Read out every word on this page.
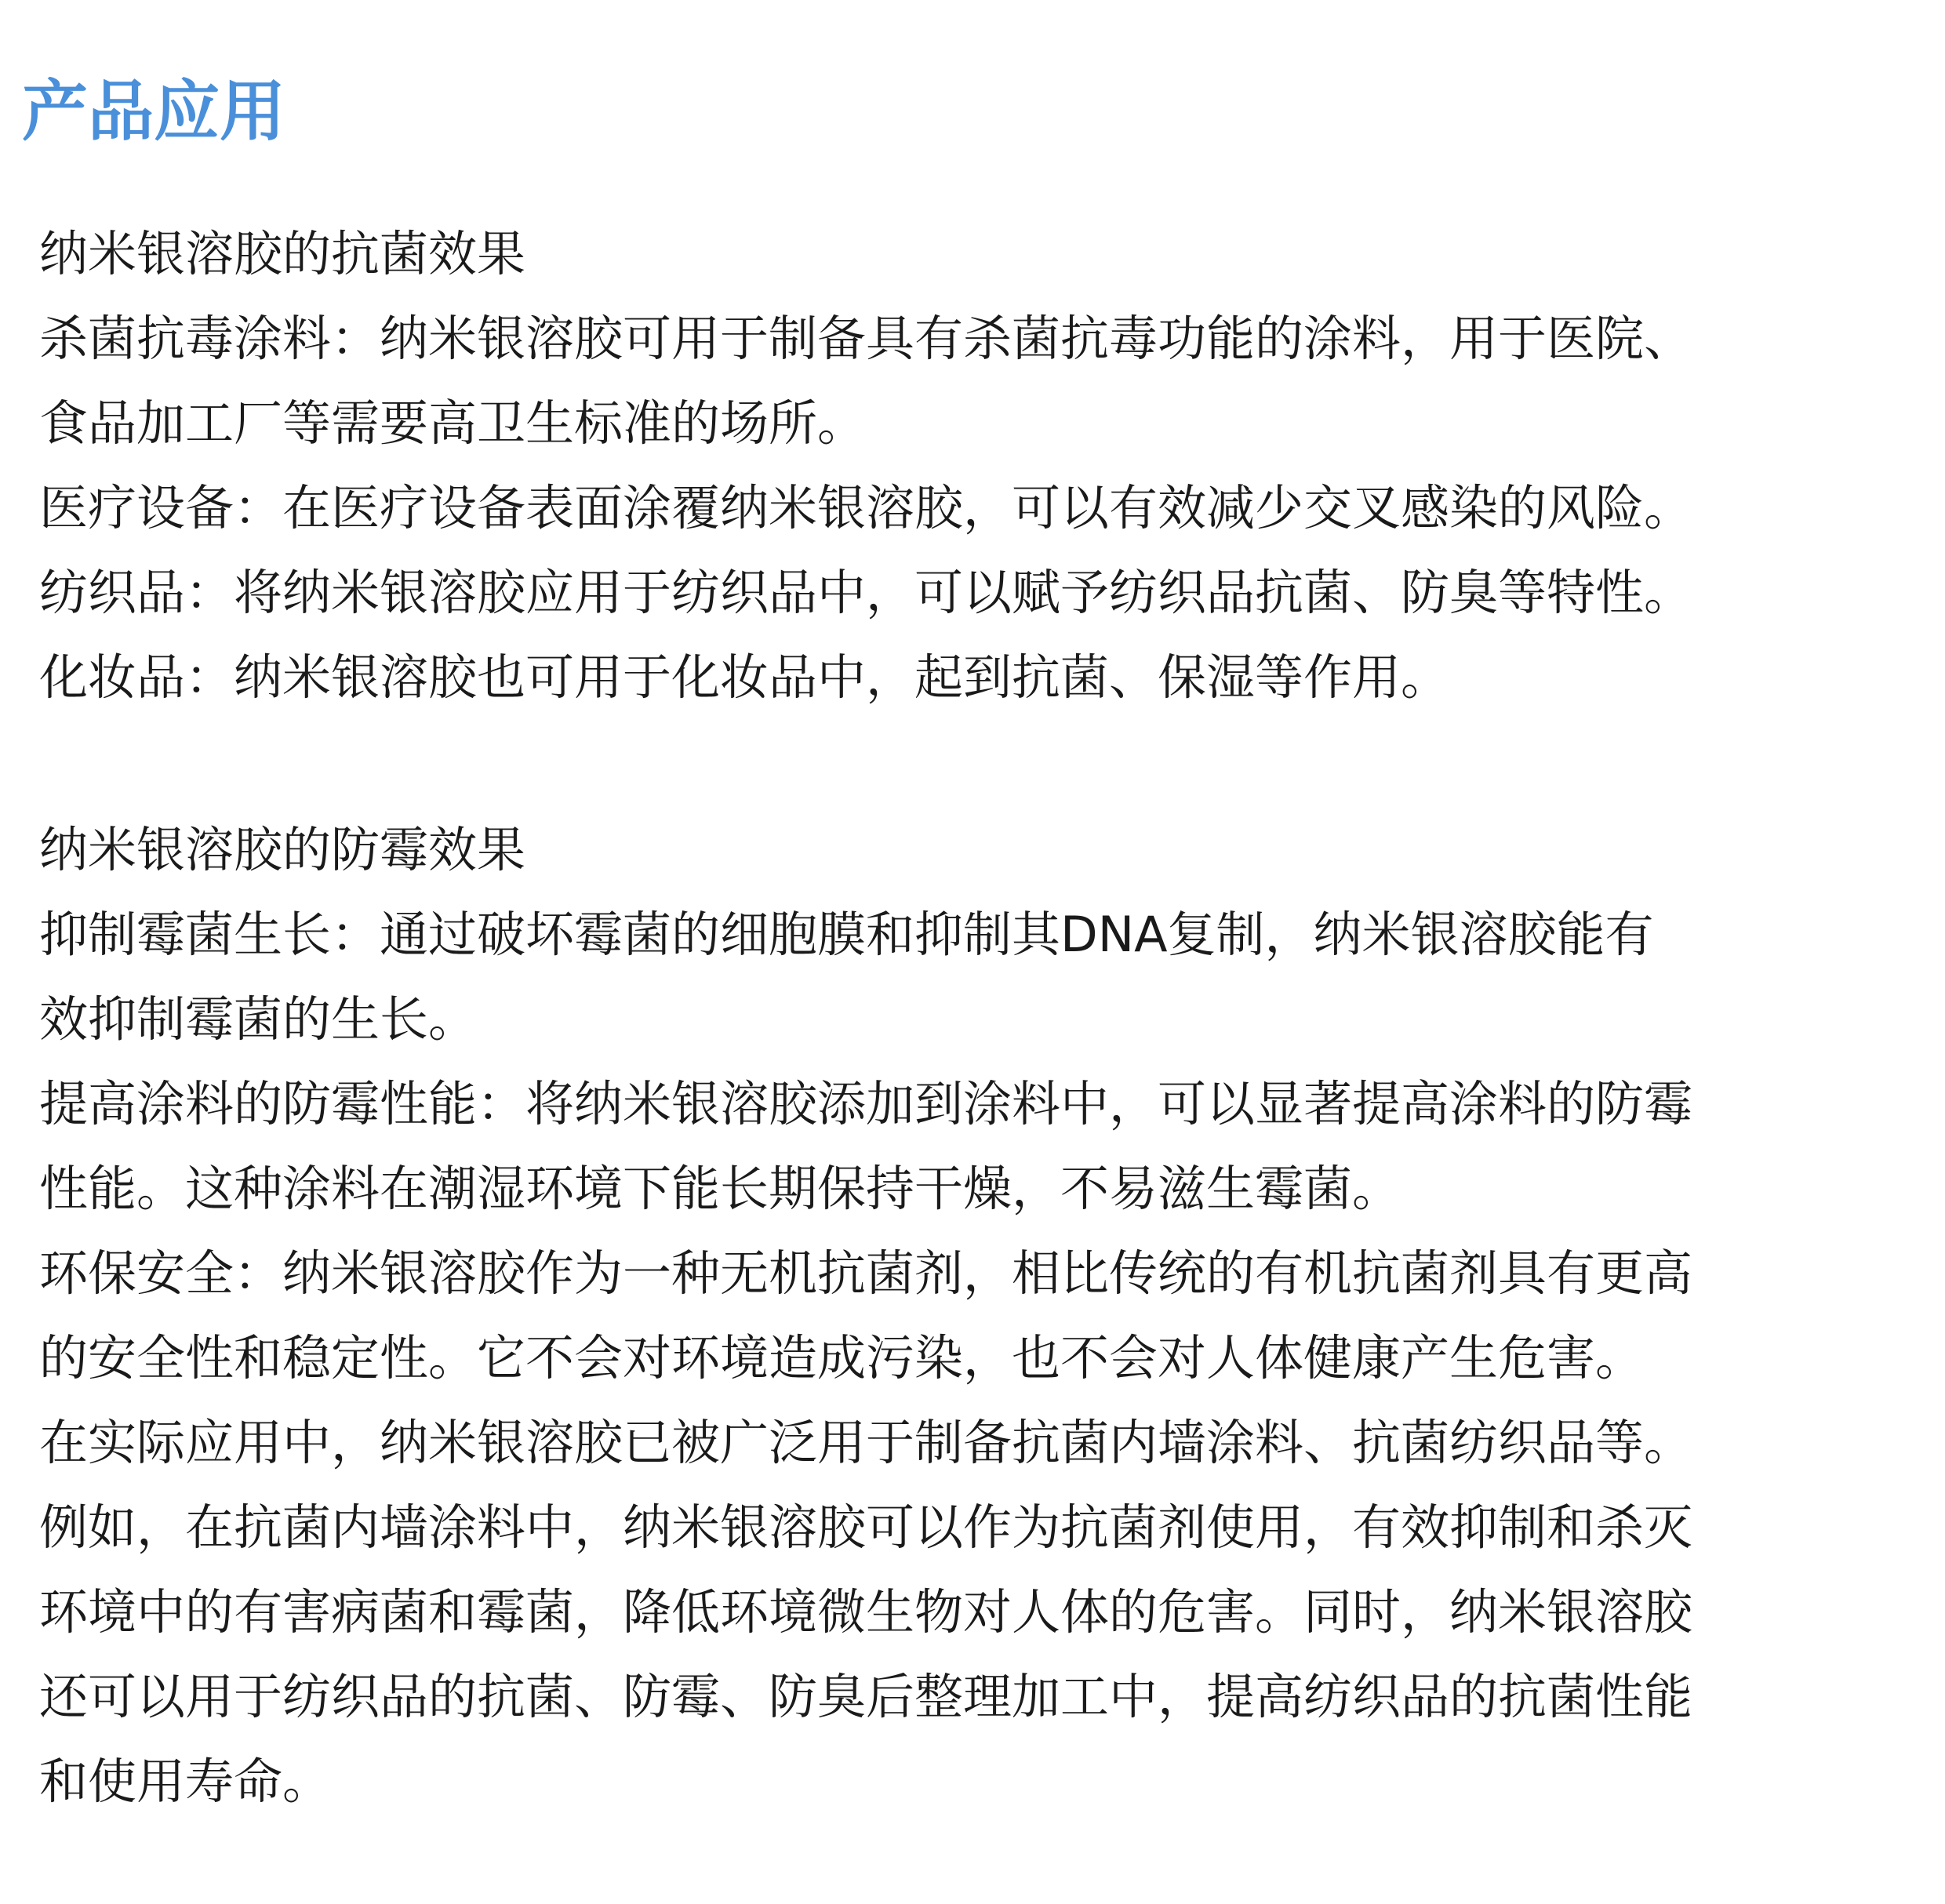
产品应用

纳米银溶胶的抗菌效果

杀菌抗毒涂料：纳米银溶胶可用于制备具有杀菌抗毒功能的涂料，用于医院、

食品加工厂等需要高卫生标准的场所。

医疗设备：在医疗设备表面涂覆纳米银溶胶，可以有效减少交叉感染的风险。

纺织品：将纳米银溶胶应用于纺织品中，可以赋予纺织品抗菌、防臭等特性。

化妆品：纳米银溶胶也可用于化妆品中，起到抗菌、保湿等作用。

纳米银溶胶的防霉效果

抑制霉菌生长：通过破坏霉菌的细胞膜和抑制其DNA复制，纳米银溶胶能有

效抑制霉菌的生长。

提高涂料的防霉性能：将纳米银溶胶添加到涂料中，可以显著提高涂料的防霉

性能。这种涂料在潮湿环境下能长期保持干燥，不易滋生霉菌。

环保安全：纳米银溶胶作为一种无机抗菌剂，相比传统的有机抗菌剂具有更高

的安全性和稳定性。它不会对环境造成污染，也不会对人体健康产生危害。

在实际应用中，纳米银溶胶已被广泛用于制备抗菌内墙涂料、抗菌纺织品等。

例如，在抗菌内墙涂料中，纳米银溶胶可以作为抗菌剂使用，有效抑制和杀灭

环境中的有害病菌和霉菌，降低环境微生物对人体的危害。同时，纳米银溶胶

还可以用于纺织品的抗菌、防霉、防臭后整理加工中，提高纺织品的抗菌性能

和使用寿命。
